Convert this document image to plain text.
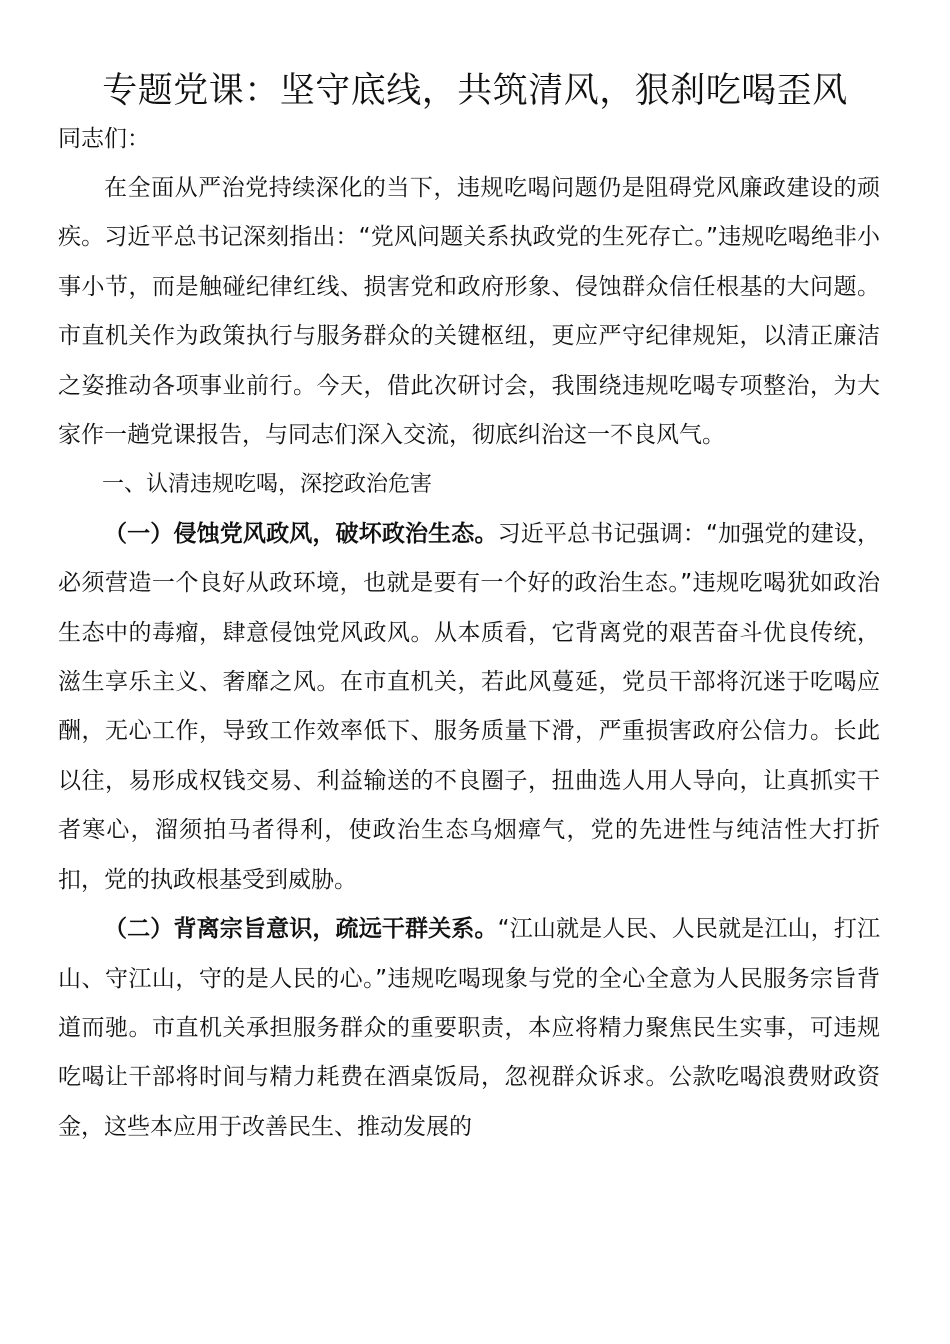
专题党课：坚守底线，共筑清风，狠刹吃喝歪风

同志们：

在全面从严治党持续深化的当下，违规吃喝问题仍是阻碍党风廉政建设的顽疾。习近平总书记深刻指出：“党风问题关系执政党的生死存亡。”违规吃喝绝非小事小节，而是触碰纪律红线、损害党和政府形象、侵蚀群众信任根基的大问题。市直机关作为政策执行与服务群众的关键枢纽，更应严守纪律规矩，以清正廉洁之姿推动各项事业前行。今天，借此次研讨会，我围绕违规吃喝专项整治，为大家作一趟党课报告，与同志们深入交流，彻底纠治这一不良风气。

一、认清违规吃喝，深挖政治危害

（一）侵蚀党风政风，破坏政治生态。习近平总书记强调：“加强党的建设，必须营造一个良好从政环境，也就是要有一个好的政治生态。”违规吃喝犹如政治生态中的毒瘤，肆意侵蚀党风政风。从本质看，它背离党的艰苦奋斗优良传统，滋生享乐主义、奢靡之风。在市直机关，若此风蔓延，党员干部将沉迷于吃喝应酬，无心工作，导致工作效率低下、服务质量下滑，严重损害政府公信力。长此以往，易形成权钱交易、利益输送的不良圈子，扭曲选人用人导向，让真抓实干者寒心，溜须拍马者得利，使政治生态乌烟瘴气，党的先进性与纯洁性大打折扣，党的执政根基受到威胁。

（二）背离宗旨意识，疏远干群关系。“江山就是人民、人民就是江山，打江山、守江山，守的是人民的心。”违规吃喝现象与党的全心全意为人民服务宗旨背道而驰。市直机关承担服务群众的重要职责，本应将精力聚焦民生实事，可违规吃喝让干部将时间与精力耗费在酒桌饭局，忽视群众诉求。公款吃喝浪费财政资金，这些本应用于改善民生、推动发展的
